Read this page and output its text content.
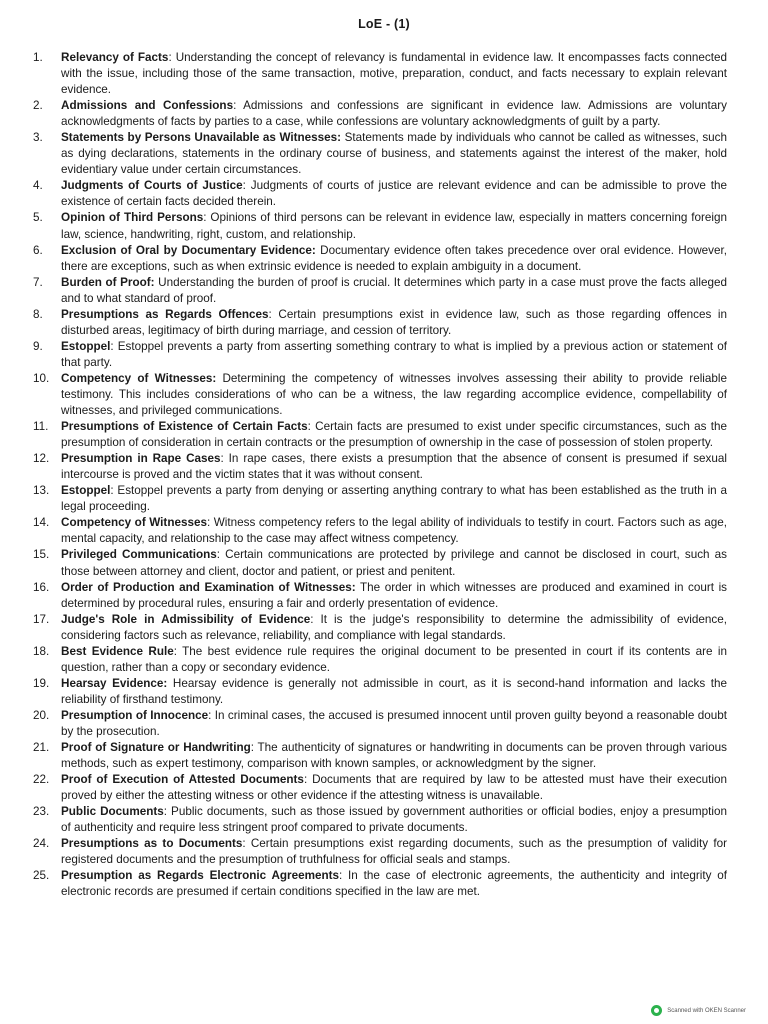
LoE - (1)
1.	Relevancy of Facts: Understanding the concept of relevancy is fundamental in evidence law. It encompasses facts connected with the issue, including those of the same transaction, motive, preparation, conduct, and facts necessary to explain relevant evidence.
2.	Admissions and Confessions: Admissions and confessions are significant in evidence law. Admissions are voluntary acknowledgments of facts by parties to a case, while confessions are voluntary acknowledgments of guilt by a party.
3.	Statements by Persons Unavailable as Witnesses: Statements made by individuals who cannot be called as witnesses, such as dying declarations, statements in the ordinary course of business, and statements against the interest of the maker, hold evidentiary value under certain circumstances.
4.	Judgments of Courts of Justice: Judgments of courts of justice are relevant evidence and can be admissible to prove the existence of certain facts decided therein.
5.	Opinion of Third Persons: Opinions of third persons can be relevant in evidence law, especially in matters concerning foreign law, science, handwriting, right, custom, and relationship.
6.	Exclusion of Oral by Documentary Evidence: Documentary evidence often takes precedence over oral evidence. However, there are exceptions, such as when extrinsic evidence is needed to explain ambiguity in a document.
7.	Burden of Proof: Understanding the burden of proof is crucial. It determines which party in a case must prove the facts alleged and to what standard of proof.
8.	Presumptions as Regards Offences: Certain presumptions exist in evidence law, such as those regarding offences in disturbed areas, legitimacy of birth during marriage, and cession of territory.
9.	Estoppel: Estoppel prevents a party from asserting something contrary to what is implied by a previous action or statement of that party.
10.	Competency of Witnesses: Determining the competency of witnesses involves assessing their ability to provide reliable testimony. This includes considerations of who can be a witness, the law regarding accomplice evidence, compellability of witnesses, and privileged communications.
11.	Presumptions of Existence of Certain Facts: Certain facts are presumed to exist under specific circumstances, such as the presumption of consideration in certain contracts or the presumption of ownership in the case of possession of stolen property.
12.	Presumption in Rape Cases: In rape cases, there exists a presumption that the absence of consent is presumed if sexual intercourse is proved and the victim states that it was without consent.
13.	Estoppel: Estoppel prevents a party from denying or asserting anything contrary to what has been established as the truth in a legal proceeding.
14.	Competency of Witnesses: Witness competency refers to the legal ability of individuals to testify in court. Factors such as age, mental capacity, and relationship to the case may affect witness competency.
15.	Privileged Communications: Certain communications are protected by privilege and cannot be disclosed in court, such as those between attorney and client, doctor and patient, or priest and penitent.
16.	Order of Production and Examination of Witnesses: The order in which witnesses are produced and examined in court is determined by procedural rules, ensuring a fair and orderly presentation of evidence.
17.	Judge's Role in Admissibility of Evidence: It is the judge's responsibility to determine the admissibility of evidence, considering factors such as relevance, reliability, and compliance with legal standards.
18.	Best Evidence Rule: The best evidence rule requires the original document to be presented in court if its contents are in question, rather than a copy or secondary evidence.
19.	Hearsay Evidence: Hearsay evidence is generally not admissible in court, as it is second-hand information and lacks the reliability of firsthand testimony.
20.	Presumption of Innocence: In criminal cases, the accused is presumed innocent until proven guilty beyond a reasonable doubt by the prosecution.
21.	Proof of Signature or Handwriting: The authenticity of signatures or handwriting in documents can be proven through various methods, such as expert testimony, comparison with known samples, or acknowledgment by the signer.
22.	Proof of Execution of Attested Documents: Documents that are required by law to be attested must have their execution proved by either the attesting witness or other evidence if the attesting witness is unavailable.
23.	Public Documents: Public documents, such as those issued by government authorities or official bodies, enjoy a presumption of authenticity and require less stringent proof compared to private documents.
24.	Presumptions as to Documents: Certain presumptions exist regarding documents, such as the presumption of validity for registered documents and the presumption of truthfulness for official seals and stamps.
25.	Presumption as Regards Electronic Agreements: In the case of electronic agreements, the authenticity and integrity of electronic records are presumed if certain conditions specified in the law are met.
Scanned with OKEN Scanner
